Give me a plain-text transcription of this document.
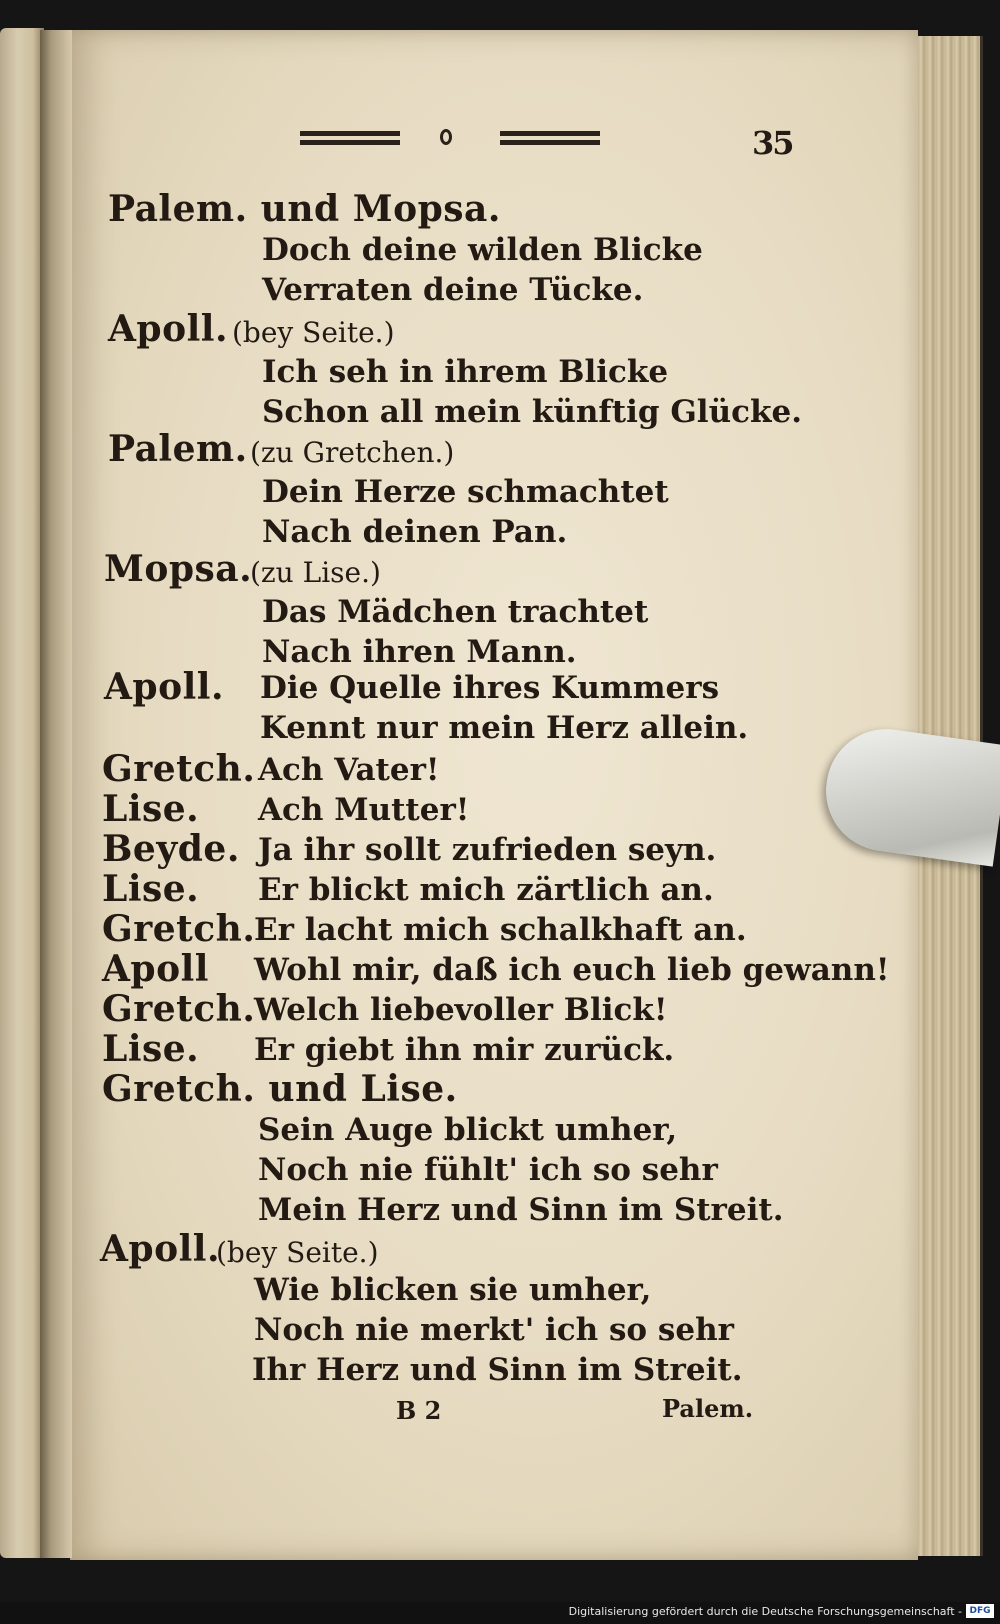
35
Palem. und Mopsa.
Doch deine wilden Blicke
Verraten deine Tücke.
Apoll. (bey Seite.)
Ich seh in ihrem Blicke
Schon all mein künftig Glücke.
Palem. (zu Gretchen.)
Dein Herze schmachtet
Nach deinen Pan.
Mopsa.
(zu Lise.)
Das Mädchen trachtet
Nach ihren Mann.
Apoll. Die Quelle ihres Kummers
Kennt nur mein Herz allein.
Gretch. Ach Vater!
Lise. Ach Mutter!
Beyde. Ja ihr sollt zufrieden seyn.
Lise. Er blickt mich zärtlich an.
Gretch.
Er lacht mich schalkhaft an.
Apoll Wohl mir, daß ich euch lieb gewann!
Gretch.
Welch liebevoller Blick!
Lise. Er giebt ihn mir zurück.
Gretch. und Lise.
Sein Auge blickt umher,
Noch nie fühlt' ich so sehr
Mein Herz und Sinn im Streit.
Apoll.
(bey Seite.)
Wie blicken sie umher,
Noch nie merkt' ich so sehr
Ihr Herz und Sinn im Streit.
B 2	Palem.
Digitalisierung gefördert durch die Deutsche Forschungsgemeinschaft - DFG
